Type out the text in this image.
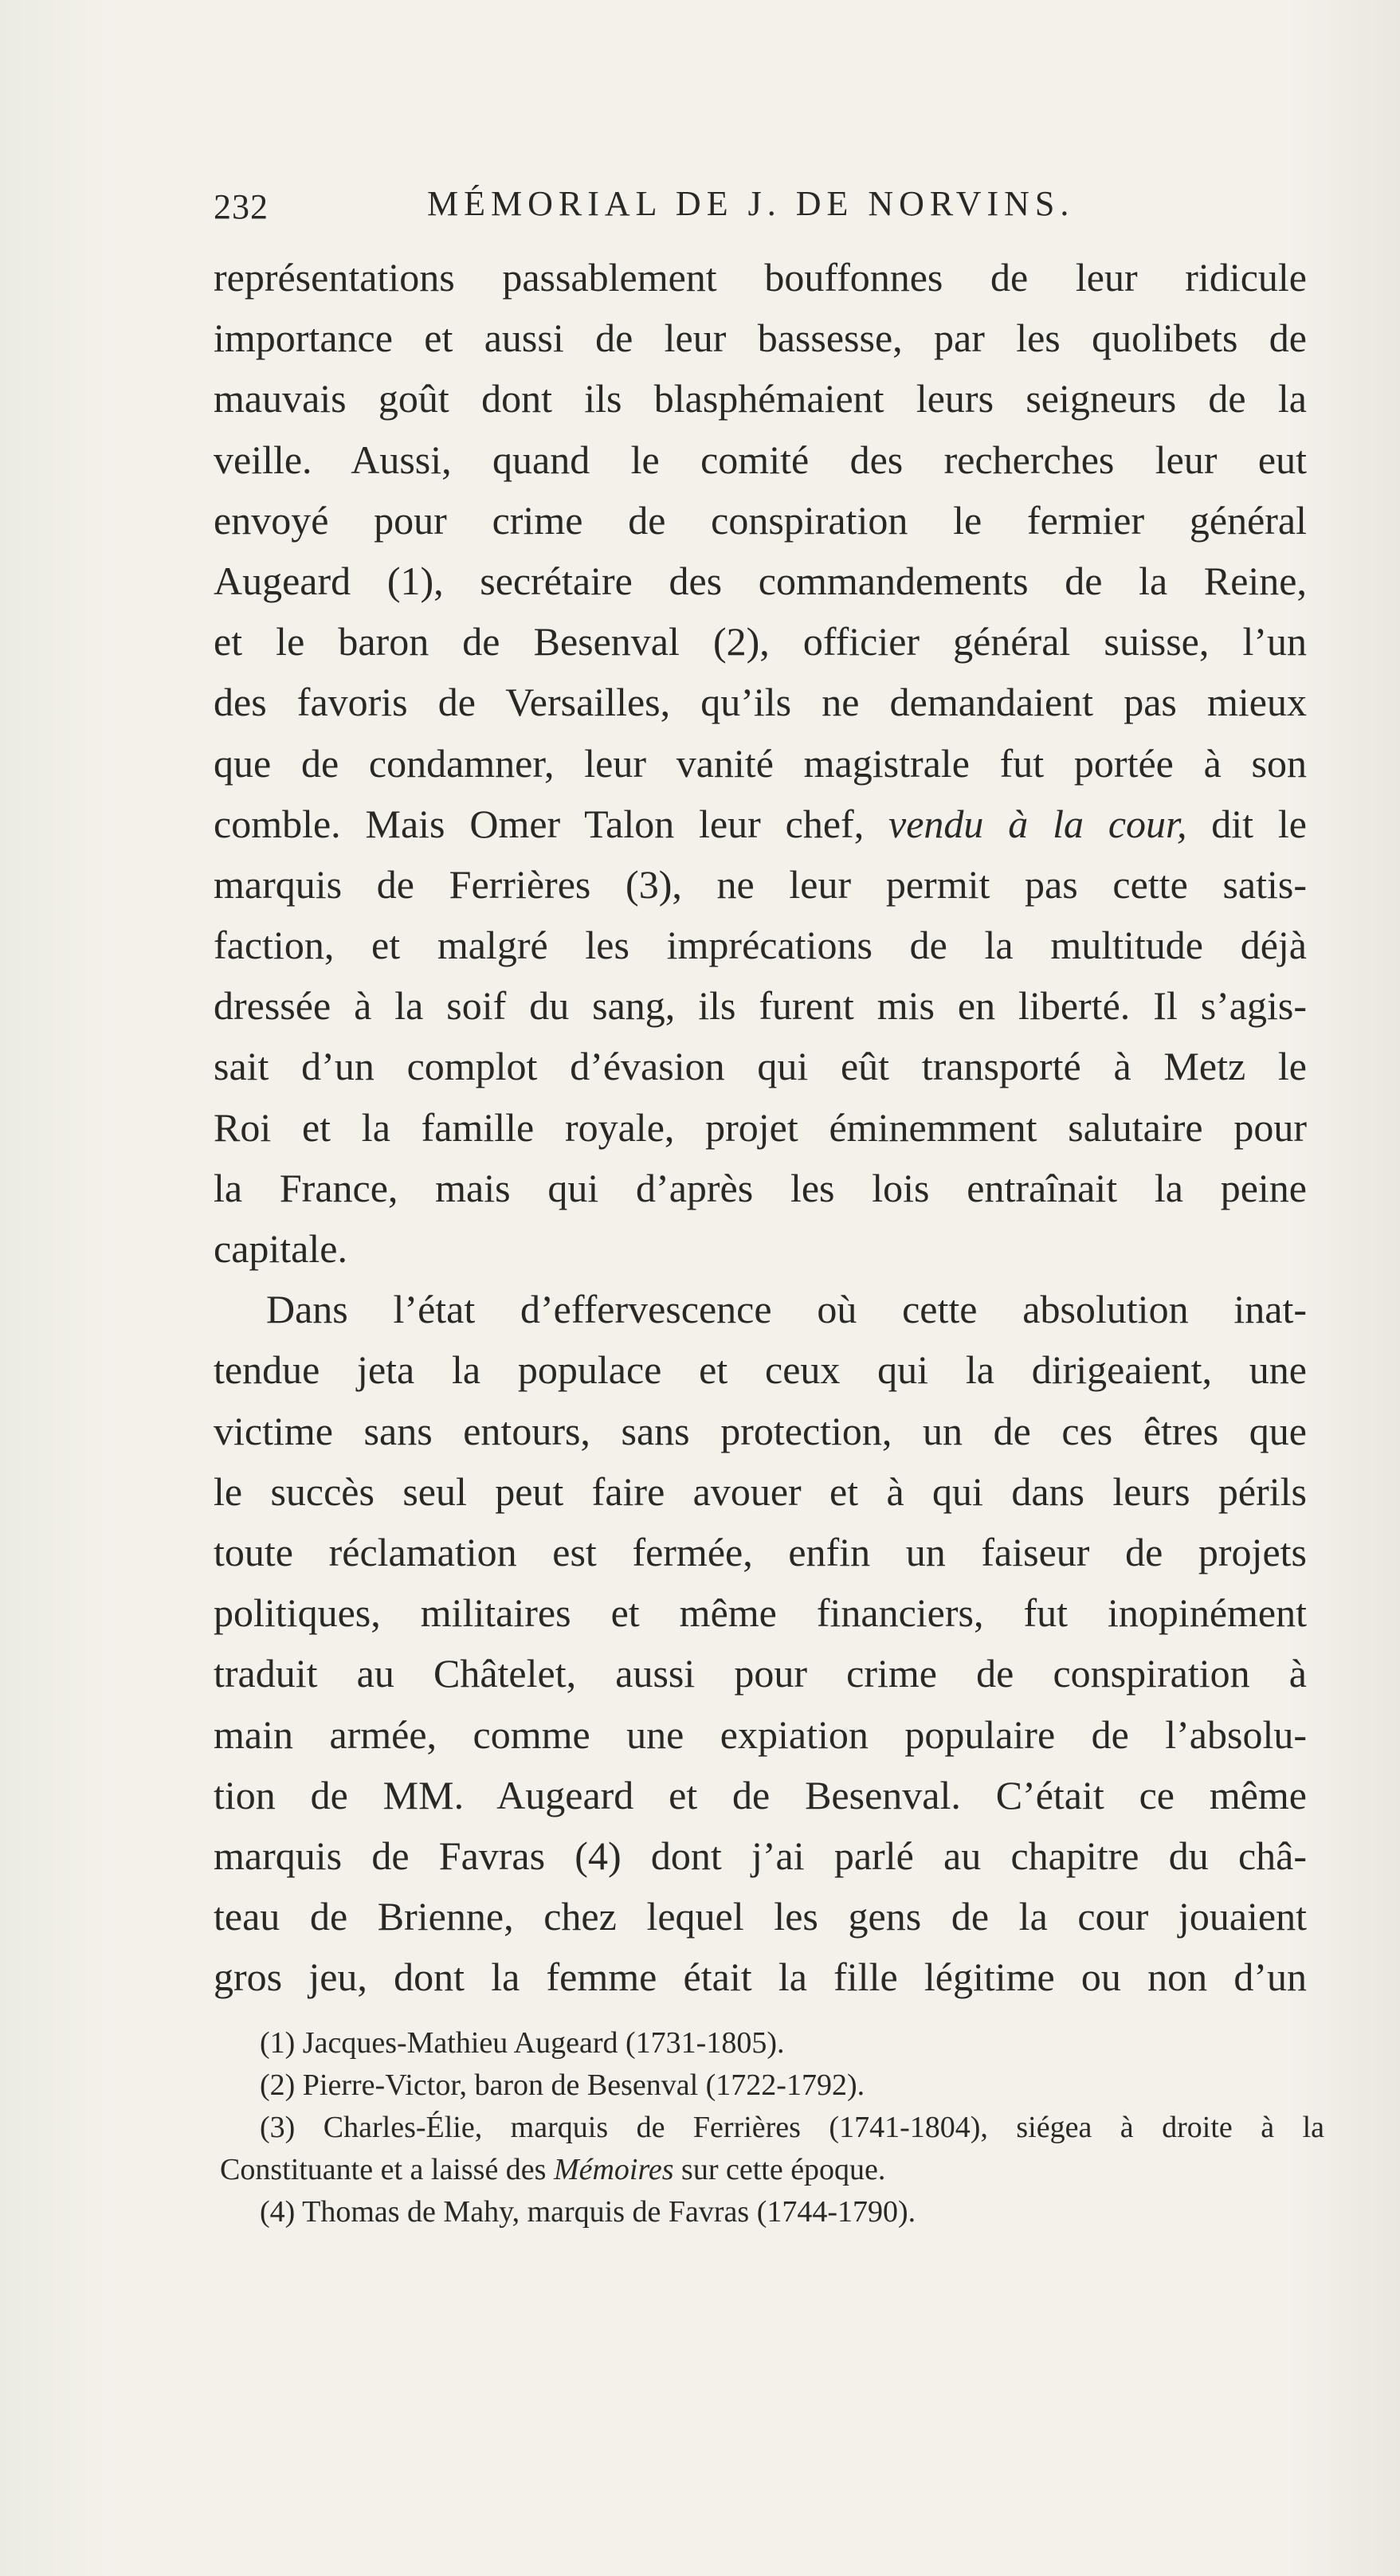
232	MÉMORIAL DE J. DE NORVINS.
représentations passablement bouffonnes de leur ridicule
importance et aussi de leur bassesse, par les quolibets de
mauvais goût dont ils blasphémaient leurs seigneurs de la
veille. Aussi, quand le comité des recherches leur eut
envoyé pour crime de conspiration le fermier général
Augeard (1), secrétaire des commandements de la Reine,
et le baron de Besenval (2), officier général suisse, l’un
des favoris de Versailles, qu’ils ne demandaient pas mieux
que de condamner, leur vanité magistrale fut portée à son
comble. Mais Omer Talon leur chef, vendu à la cour, dit le
marquis de Ferrières (3), ne leur permit pas cette satis-
faction, et malgré les imprécations de la multitude déjà
dressée à la soif du sang, ils furent mis en liberté. Il s’agis-
sait d’un complot d’évasion qui eût transporté à Metz le
Roi et la famille royale, projet éminemment salutaire pour
la France, mais qui d’après les lois entraînait la peine
capitale.
Dans l’état d’effervescence où cette absolution inat-
tendue jeta la populace et ceux qui la dirigeaient, une
victime sans entours, sans protection, un de ces êtres que
le succès seul peut faire avouer et à qui dans leurs périls
toute réclamation est fermée, enfin un faiseur de projets
politiques, militaires et même financiers, fut inopinément
traduit au Châtelet, aussi pour crime de conspiration à
main armée, comme une expiation populaire de l’absolu-
tion de MM. Augeard et de Besenval. C’était ce même
marquis de Favras (4) dont j’ai parlé au chapitre du châ-
teau de Brienne, chez lequel les gens de la cour jouaient
gros jeu, dont la femme était la fille légitime ou non d’un
(1) Jacques-Mathieu Augeard (1731-1805).
(2) Pierre-Victor, baron de Besenval (1722-1792).
(3) Charles-Élie, marquis de Ferrières (1741-1804), siégea à droite à la
Constituante et a laissé des Mémoires sur cette époque.
(4) Thomas de Mahy, marquis de Favras (1744-1790).
